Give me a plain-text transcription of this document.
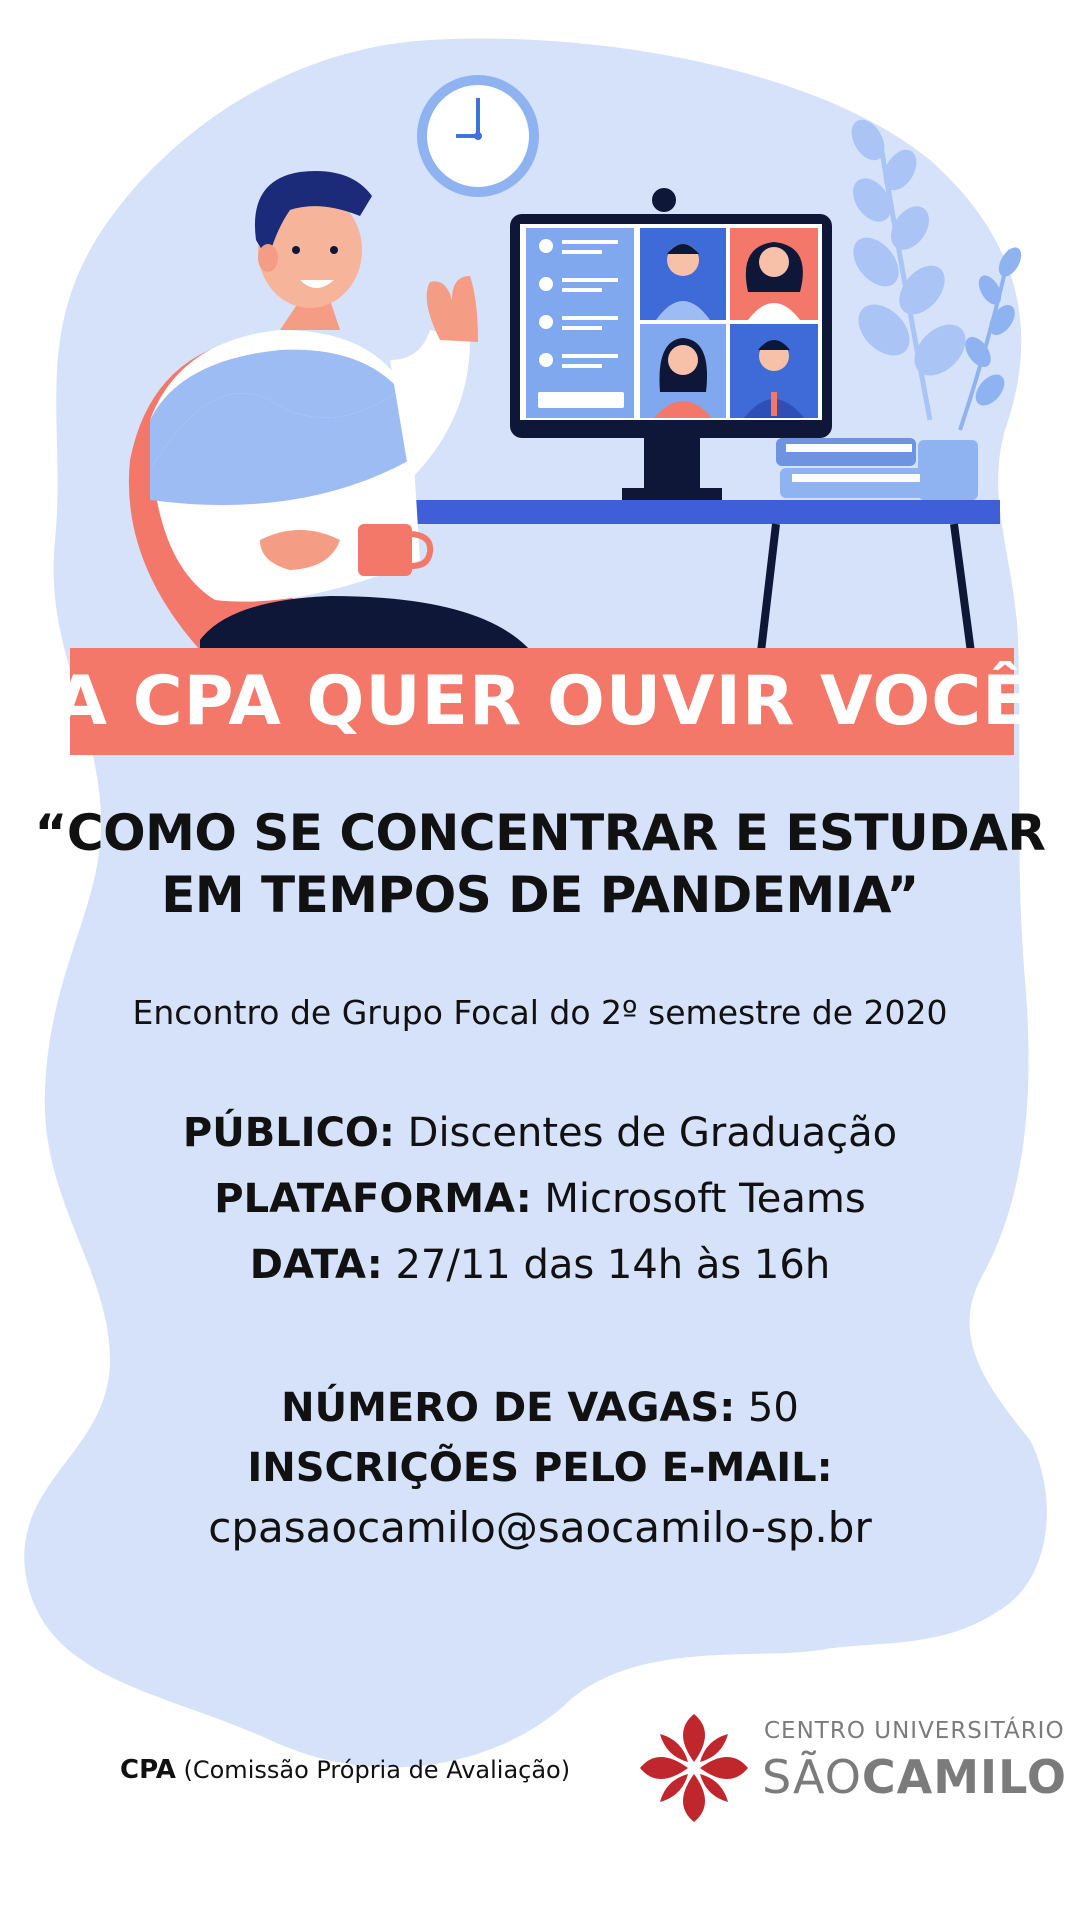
A CPA QUER OUVIR VOCÊ
“COMO SE CONCENTRAR E ESTUDAR
EM TEMPOS DE PANDEMIA”
Encontro de Grupo Focal do 2º semestre de 2020
PÚBLICO: Discentes de Graduação
PLATAFORMA: Microsoft Teams
DATA: 27/11 das 14h às 16h
NÚMERO DE VAGAS: 50
INSCRIÇÕES PELO E-MAIL:
cpasaocamilo@saocamilo-sp.br
CPA (Comissão Própria de Avaliação)
CENTRO UNIVERSITÁRIO
SÃOCAMILO
